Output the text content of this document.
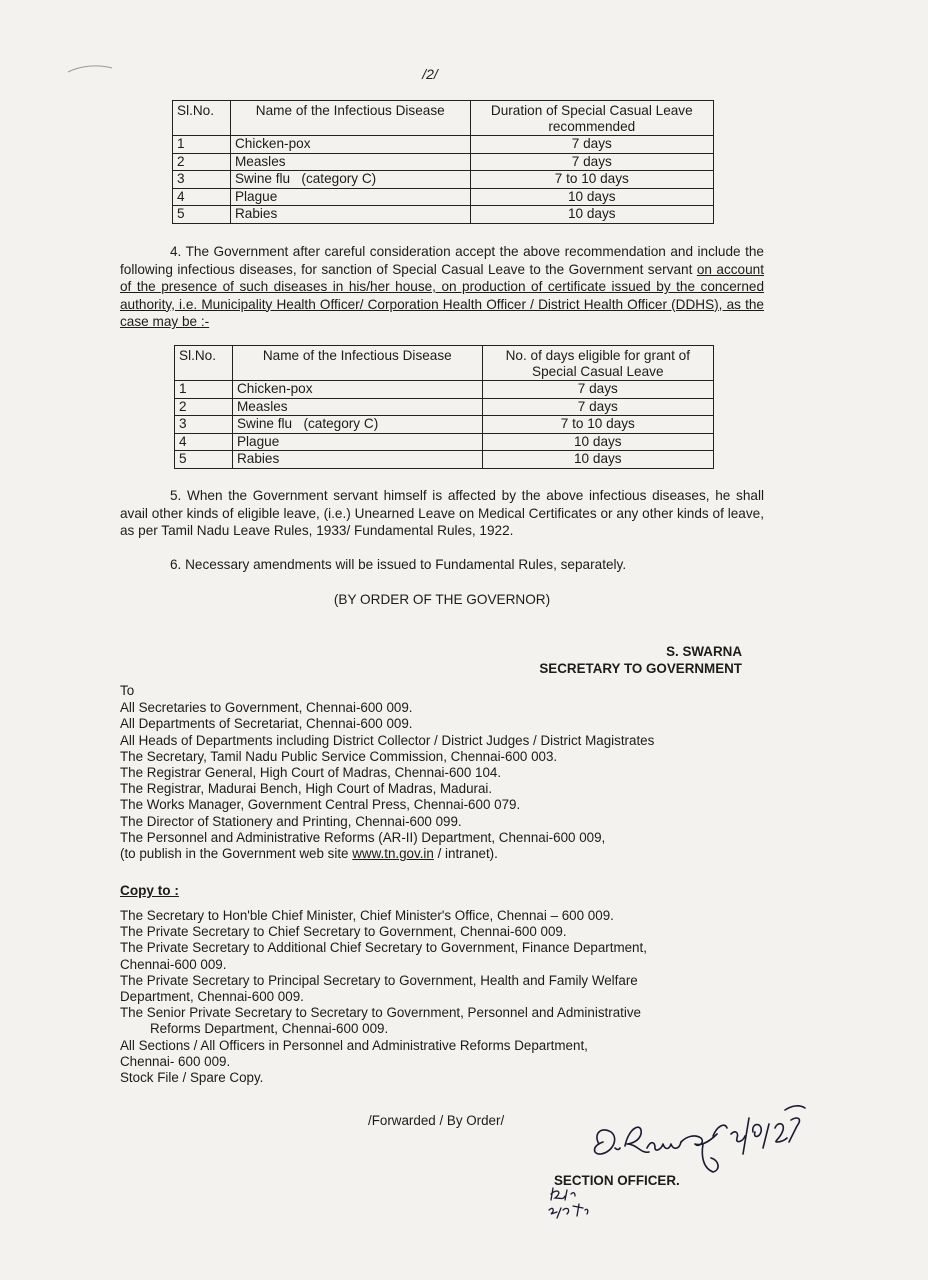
/2/
Sl.No.	Name of the Infectious Disease	Duration of Special Casual Leave recommended
1	Chicken-pox	7 days
2	Measles	7 days
3	Swine flu   (category C)	7 to 10 days
4	Plague	10 days
5	Rabies	10 days
4. The Government after careful consideration accept the above recommendation and include the following infectious diseases, for sanction of Special Casual Leave to the Government servant on account of the presence of such diseases in his/her house, on production of certificate issued by the concerned authority, i.e. Municipality Health Officer/ Corporation Health Officer / District Health Officer (DDHS), as the case may be :-
Sl.No.	Name of the Infectious Disease	No. of days eligible for grant of Special Casual Leave
1	Chicken-pox	7 days
2	Measles	7 days
3	Swine flu   (category C)	7 to 10 days
4	Plague	10 days
5	Rabies	10 days
5. When the Government servant himself is affected by the above infectious diseases, he shall avail other kinds of eligible leave, (i.e.) Unearned Leave on Medical Certificates or any other kinds of leave, as per Tamil Nadu Leave Rules, 1933/ Fundamental Rules, 1922.
6. Necessary amendments will be issued to Fundamental Rules, separately.
(BY ORDER OF THE GOVERNOR)
S. SWARNA
SECRETARY TO GOVERNMENT
To
All Secretaries to Government, Chennai-600 009.
All Departments of Secretariat, Chennai-600 009.
All Heads of Departments including District Collector / District Judges / District Magistrates
The Secretary, Tamil Nadu Public Service Commission, Chennai-600 003.
The Registrar General, High Court of Madras, Chennai-600 104.
The Registrar, Madurai Bench, High Court of Madras, Madurai.
The Works Manager, Government Central Press, Chennai-600 079.
The Director of Stationery and Printing, Chennai-600 099.
The Personnel and Administrative Reforms (AR-II) Department, Chennai-600 009,
(to publish in the Government web site www.tn.gov.in / intranet).
Copy to :
The Secretary to Hon'ble Chief Minister, Chief Minister's Office, Chennai – 600 009.
The Private Secretary to Chief Secretary to Government, Chennai-600 009.
The Private Secretary to Additional Chief Secretary to Government, Finance Department,
Chennai-600 009.
The Private Secretary to Principal Secretary to Government, Health and Family Welfare
Department, Chennai-600 009.
The Senior Private Secretary to Secretary to Government, Personnel and Administrative
Reforms Department, Chennai-600 009.
All Sections / All Officers in Personnel and Administrative Reforms Department,
Chennai- 600 009.
Stock File / Spare Copy.
/Forwarded / By Order/
SECTION OFFICER.
